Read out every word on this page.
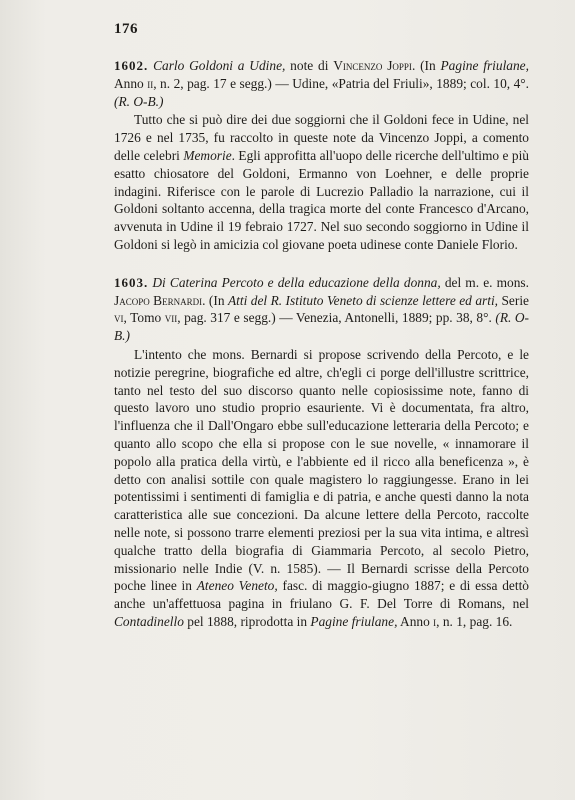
176

1602. Carlo Goldoni a Udine, note di Vincenzo Joppi. (In Pagine friulane, Anno ii, n. 2, pag. 17 e segg.) — Udine, «Patria del Friuli», 1889; col. 10, 4°. (R. O-B.)

Tutto che si può dire dei due soggiorni che il Goldoni fece in Udine, nel 1726 e nel 1735, fu raccolto in queste note da Vincenzo Joppi, a comento delle celebri Memorie. Egli approfitta all'uopo delle ricerche dell'ultimo e più esatto chiosatore del Goldoni, Ermanno von Loehner, e delle proprie indagini. Riferisce con le parole di Lucrezio Palladio la narrazione, cui il Goldoni soltanto accenna, della tragica morte del conte Francesco d'Arcano, avvenuta in Udine il 19 febraio 1727. Nel suo secondo soggiorno in Udine il Goldoni si legò in amicizia col giovane poeta udinese conte Daniele Florio.

1603. Di Caterina Percoto e della educazione della donna, del m. e. mons. Jacopo Bernardi. (In Atti del R. Istituto Veneto di scienze lettere ed arti, Serie vi, Tomo vii, pag. 317 e segg.) — Venezia, Antonelli, 1889; pp. 38, 8°. (R. O-B.)

L'intento che mons. Bernardi si propose scrivendo della Percoto, e le notizie peregrine, biografiche ed altre, ch'egli ci porge dell'illustre scrittrice, tanto nel testo del suo discorso quanto nelle copiosissime note, fanno di questo lavoro uno studio proprio esauriente. Vi è documentata, fra altro, l'influenza che il Dall'Ongaro ebbe sull'educazione letteraria della Percoto; e quanto allo scopo che ella si propose con le sue novelle, « innamorare il popolo alla pratica della virtù, e l'abbiente ed il ricco alla beneficenza », è detto con analisi sottile con quale magistero lo raggiungesse. Erano in lei potentissimi i sentimenti di famiglia e di patria, e anche questi danno la nota caratteristica alle sue concezioni. Da alcune lettere della Percoto, raccolte nelle note, si possono trarre elementi preziosi per la sua vita intima, e altresì qualche tratto della biografia di Giammaria Percoto, al secolo Pietro, missionario nelle Indie (V. n. 1585). — Il Bernardi scrisse della Percoto poche linee in Ateneo Veneto, fasc. di maggio-giugno 1887; e di essa dettò anche un'affettuosa pagina in friulano G. F. Del Torre di Romans, nel Contadinello pel 1888, riprodotta in Pagine friulane, Anno i, n. 1, pag. 16.
